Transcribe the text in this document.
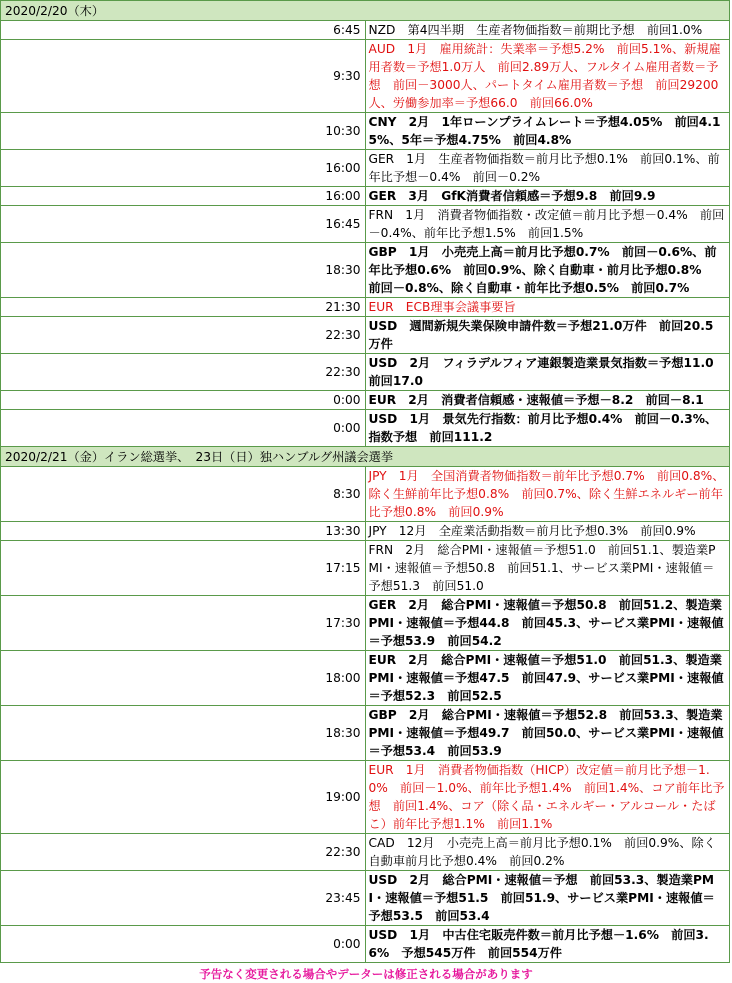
2020/2/20（木）	
6:45	NZD　第4四半期　生産者物価指数＝前期比予想　前回1.0%
9:30	AUD　1月　雇用統計：失業率＝予想5.2%　前回5.1%、新規雇用者数＝予想1.0万人　前回2.89万人、フルタイム雇用者数＝予想　前回－3000人、パートタイム雇用者数＝予想　前回29200人、労働参加率＝予想66.0　前回66.0%
10:30	CNY　2月　1年ローンプライムレート＝予想4.05%　前回4.15%、5年＝予想4.75%　前回4.8%
16:00	GER　1月　生産者物価指数＝前月比予想0.1%　前回0.1%、前年比予想－0.4%　前回－0.2%
16:00	GER　3月　GfK消費者信頼感＝予想9.8　前回9.9
16:45	FRN　1月　消費者物価指数・改定値＝前月比予想－0.4%　前回－0.4%、前年比予想1.5%　前回1.5%
18:30	GBP　1月　小売売上高＝前月比予想0.7%　前回－0.6%、前年比予想0.6%　前回0.9%、除く自動車・前月比予想0.8%　前回－0.8%、除く自動車・前年比予想0.5%　前回0.7%
21:30	EUR　ECB理事会議事要旨
22:30	USD　週間新規失業保険申請件数＝予想21.0万件　前回20.5万件
22:30	USD　2月　フィラデルフィア連銀製造業景気指数＝予想11.0　前回17.0
0:00	EUR　2月　消費者信頼感・速報値＝予想－8.2　前回－8.1
0:00	USD　1月　景気先行指数：前月比予想0.4%　前回－0.3%、指数予想　前回111.2
2020/2/21（金）イラン総選挙、　23日（日）独ハンブルグ州議会選挙	
8:30	JPY　1月　全国消費者物価指数＝前年比予想0.7%　前回0.8%、除く生鮮前年比予想0.8%　前回0.7%、除く生鮮エネルギー前年比予想0.8%　前回0.9%
13:30	JPY　12月　全産業活動指数＝前月比予想0.3%　前回0.9%
17:15	FRN　2月　総合PMI・速報値＝予想51.0　前回51.1、製造業PMI・速報値＝予想50.8　前回51.1、サービス業PMI・速報値＝予想51.3　前回51.0
17:30	GER　2月　総合PMI・速報値＝予想50.8　前回51.2、製造業PMI・速報値＝予想44.8　前回45.3、サービス業PMI・速報値＝予想53.9　前回54.2
18:00	EUR　2月　総合PMI・速報値＝予想51.0　前回51.3、製造業PMI・速報値＝予想47.5　前回47.9、サービス業PMI・速報値＝予想52.3　前回52.5
18:30	GBP　2月　総合PMI・速報値＝予想52.8　前回53.3、製造業PMI・速報値＝予想49.7　前回50.0、サービス業PMI・速報値＝予想53.4　前回53.9
19:00	EUR　1月　消費者物価指数（HICP）改定値＝前月比予想－1.0%　前回－1.0%、前年比予想1.4%　前回1.4%、コア前年比予想　前回1.4%、コア（除く品・エネルギー・アルコール・たばこ）前年比予想1.1%　前回1.1%
22:30	CAD　12月　小売売上高＝前月比予想0.1%　前回0.9%、除く自動車前月比予想0.4%　前回0.2%
23:45	USD　2月　総合PMI・速報値＝予想　前回53.3、製造業PMI・速報値＝予想51.5　前回51.9、サービス業PMI・速報値＝予想53.5　前回53.4
0:00	USD　1月　中古住宅販売件数＝前月比予想－1.6%　前回3.6%　予想545万件　前回554万件
予告なく変更される場合やデーターは修正される場合があります
